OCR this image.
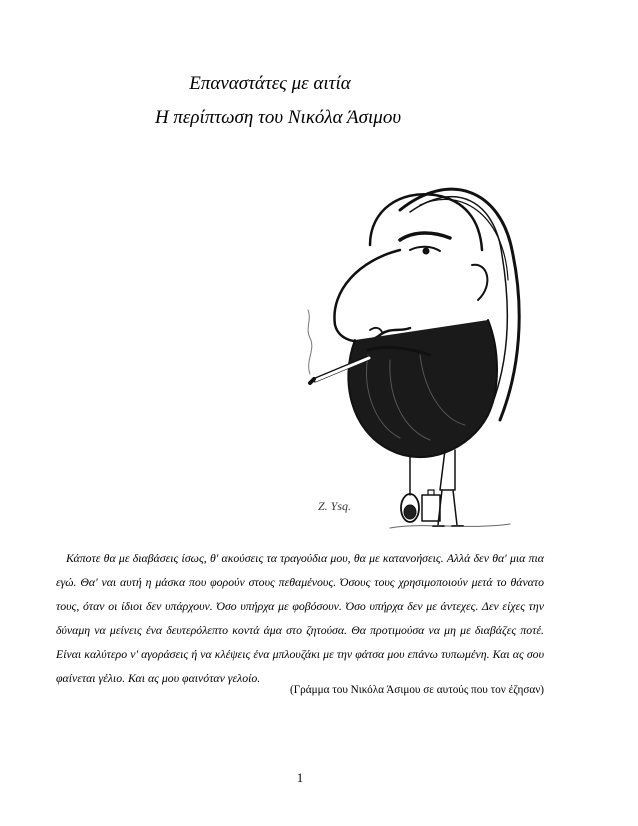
Επαναστάτες με αιτία
Η περίπτωση του Νικόλα Άσιμου
Z. Ysq.

Κάποτε θα με διαβάσεις ίσως, θ' ακούσεις τα τραγούδια μου, θα με κατανοήσεις. Αλλά δεν θα' μια πια εγώ. Θα' ναι αυτή η μάσκα που φορούν στους πεθαμένους. Όσους τους χρησιμοποιούν μετά το θάνατο τους, όταν οι ίδιοι δεν υπάρχουν. Όσο υπήρχα με φοβόσουν. Όσο υπήρχα δεν με άντεχες. Δεν είχες την δύναμη να μείνεις ένα δευτερόλεπτο κοντά άμα στο ζητούσα. Θα προτιμούσα να μη με διαβάζες ποτέ. Είναι καλύτερο ν' αγοράσεις ή να κλέψεις ένα μπλουζάκι με την φάτσα μου επάνω τυπωμένη. Και ας σου φαίνεται γέλιο. Και ας μου φαινόταν γελοίο.

(Γράμμα του Νικόλα Άσιμου σε αυτούς που τον έζησαν)
1
